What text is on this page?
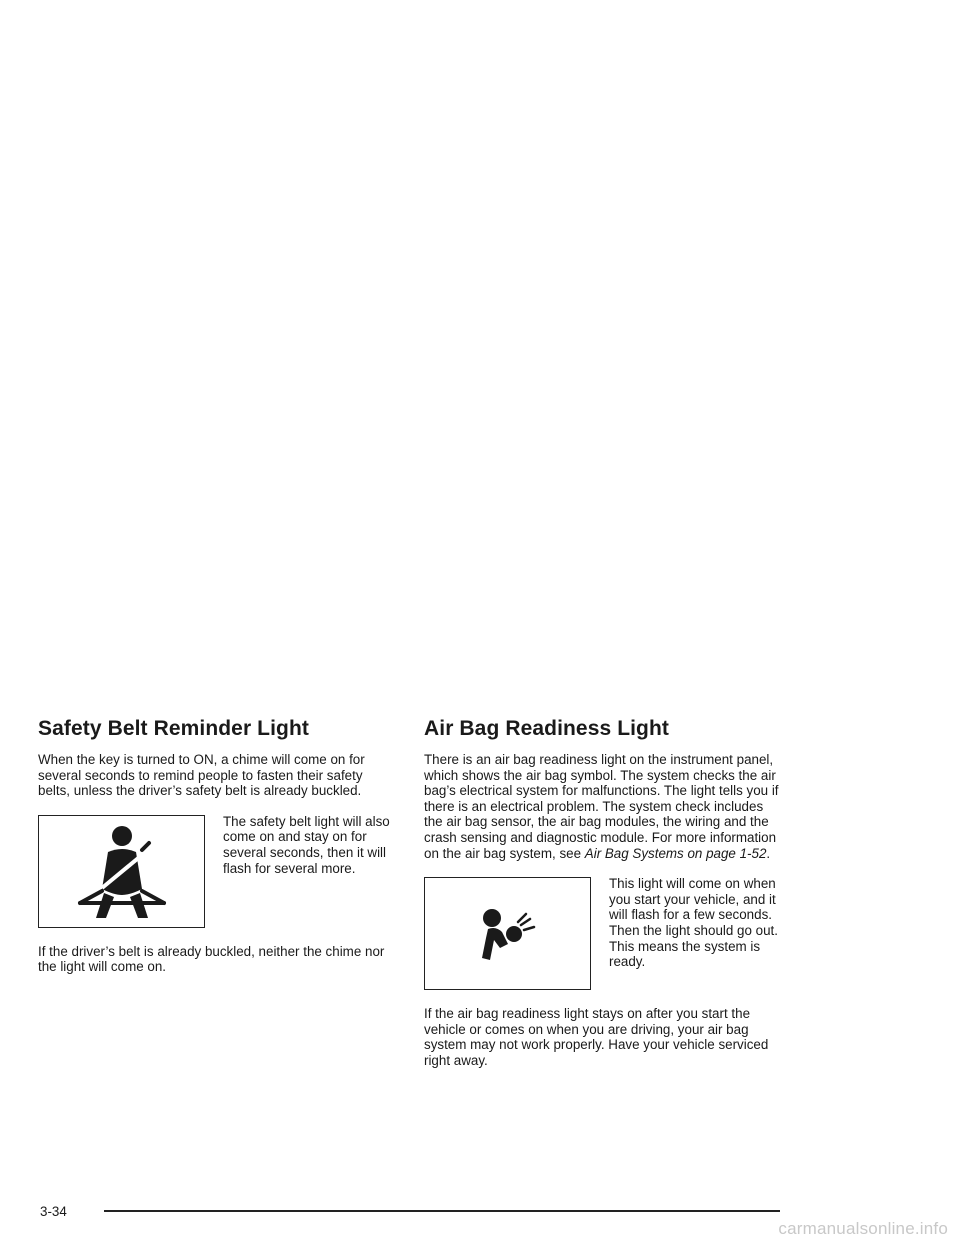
Safety Belt Reminder Light

When the key is turned to ON, a chime will come on for several seconds to remind people to fasten their safety belts, unless the driver’s safety belt is already buckled.

The safety belt light will also come on and stay on for several seconds, then it will flash for several more.

If the driver’s belt is already buckled, neither the chime nor the light will come on.

Air Bag Readiness Light

There is an air bag readiness light on the instrument panel, which shows the air bag symbol. The system checks the air bag’s electrical system for malfunctions. The light tells you if there is an electrical problem. The system check includes the air bag sensor, the air bag modules, the wiring and the crash sensing and diagnostic module. For more information on the air bag system, see Air Bag Systems on page 1-52.

This light will come on when you start your vehicle, and it will flash for a few seconds. Then the light should go out. This means the system is ready.

If the air bag readiness light stays on after you start the vehicle or comes on when you are driving, your air bag system may not work properly. Have your vehicle serviced right away.

3-34
carmanualsonline.info
